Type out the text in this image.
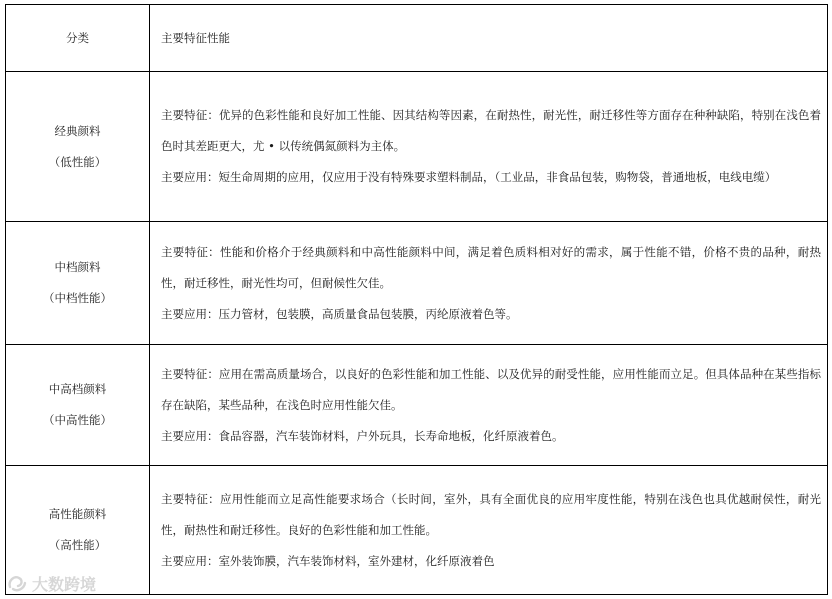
分类	主要特征性能

经典颜料
（低性能）	主要特征：优异的色彩性能和良好加工性能、因其结构等因素，在耐热性，耐光性，耐迁移性等方面存在种种缺陷，特别在浅色着色时其差距更大，尤 • 以传统偶氮颜料为主体。
主要应用：短生命周期的应用，仅应用于没有特殊要求塑料制品，（工业品，非食品包装，购物袋，普通地板，电线电缆）

中档颜料
（中档性能）	主要特征：性能和价格介于经典颜料和中高性能颜料中间，满足着色质料相对好的需求，属于性能不错，价格不贵的品种，耐热性，耐迁移性，耐光性均可，但耐候性欠佳。
主要应用：压力管材，包装膜，高质量食品包装膜，丙纶原液着色等。

中高档颜料
（中高性能）	主要特征：应用在需高质量场合，以良好的色彩性能和加工性能、以及优异的耐受性能，应用性能而立足。但具体品种在某些指标存在缺陷，某些品种，在浅色时应用性能欠佳。
主要应用：食品容器，汽车装饰材料，户外玩具，长寿命地板，化纤原液着色。

高性能颜料
（高性能）	主要特征：应用性能而立足高性能要求场合（长时间，室外，具有全面优良的应用牢度性能，特别在浅色也具优越耐侯性，耐光性，耐热性和耐迁移性。良好的色彩性能和加工性能。
主要应用：室外装饰膜，汽车装饰材料，室外建材，化纤原液着色
大数跨境
